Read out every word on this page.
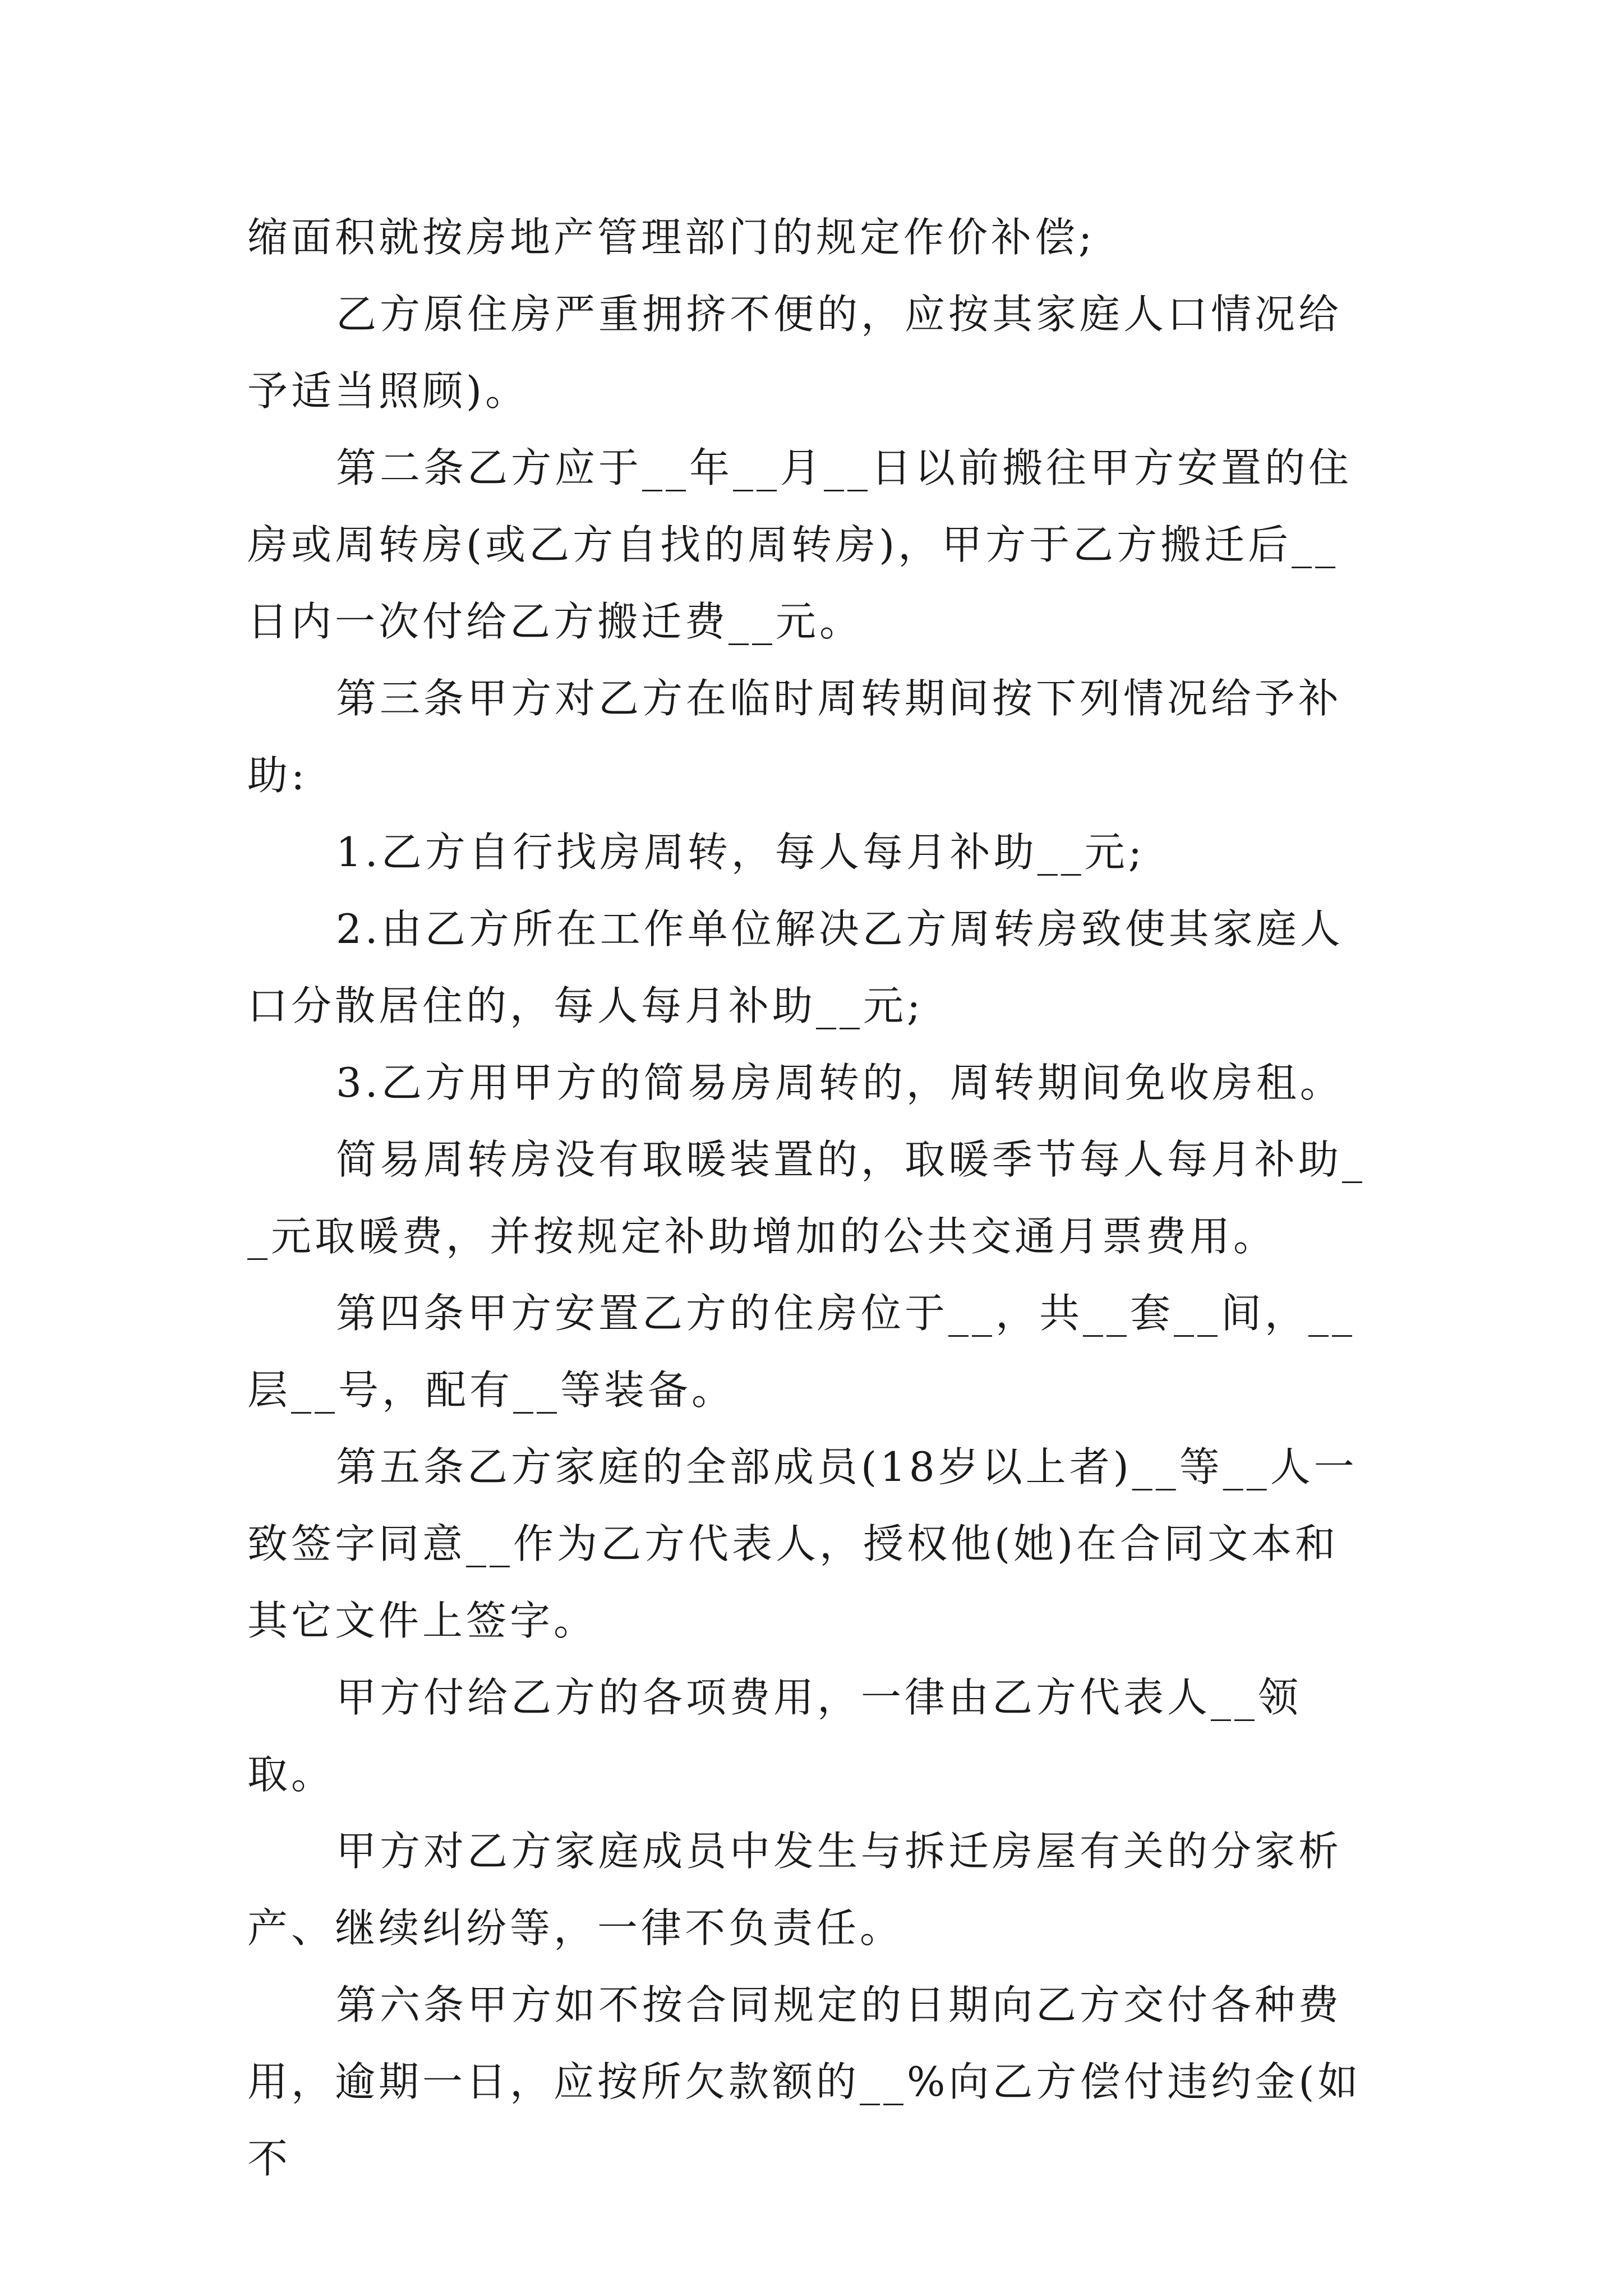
缩面积就按房地产管理部门的规定作价补偿;

乙方原住房严重拥挤不便的，应按其家庭人口情况给予适当照顾)。

第二条乙方应于__年__月__日以前搬往甲方安置的住房或周转房(或乙方自找的周转房)，甲方于乙方搬迁后__日内一次付给乙方搬迁费__元。

第三条甲方对乙方在临时周转期间按下列情况给予补助:

1.乙方自行找房周转，每人每月补助__元;

2.由乙方所在工作单位解决乙方周转房致使其家庭人口分散居住的，每人每月补助__元;

3.乙方用甲方的简易房周转的，周转期间免收房租。

简易周转房没有取暖装置的，取暖季节每人每月补助__元取暖费，并按规定补助增加的公共交通月票费用。

第四条甲方安置乙方的住房位于__，共__套__间，__层__号，配有__等装备。

第五条乙方家庭的全部成员(18岁以上者)__等__人一致签字同意__作为乙方代表人，授权他(她)在合同文本和其它文件上签字。

甲方付给乙方的各项费用，一律由乙方代表人__领取。

甲方对乙方家庭成员中发生与拆迁房屋有关的分家析产、继续纠纷等，一律不负责任。

第六条甲方如不按合同规定的日期向乙方交付各种费用，逾期一日，应按所欠款额的__%向乙方偿付违约金(如不
